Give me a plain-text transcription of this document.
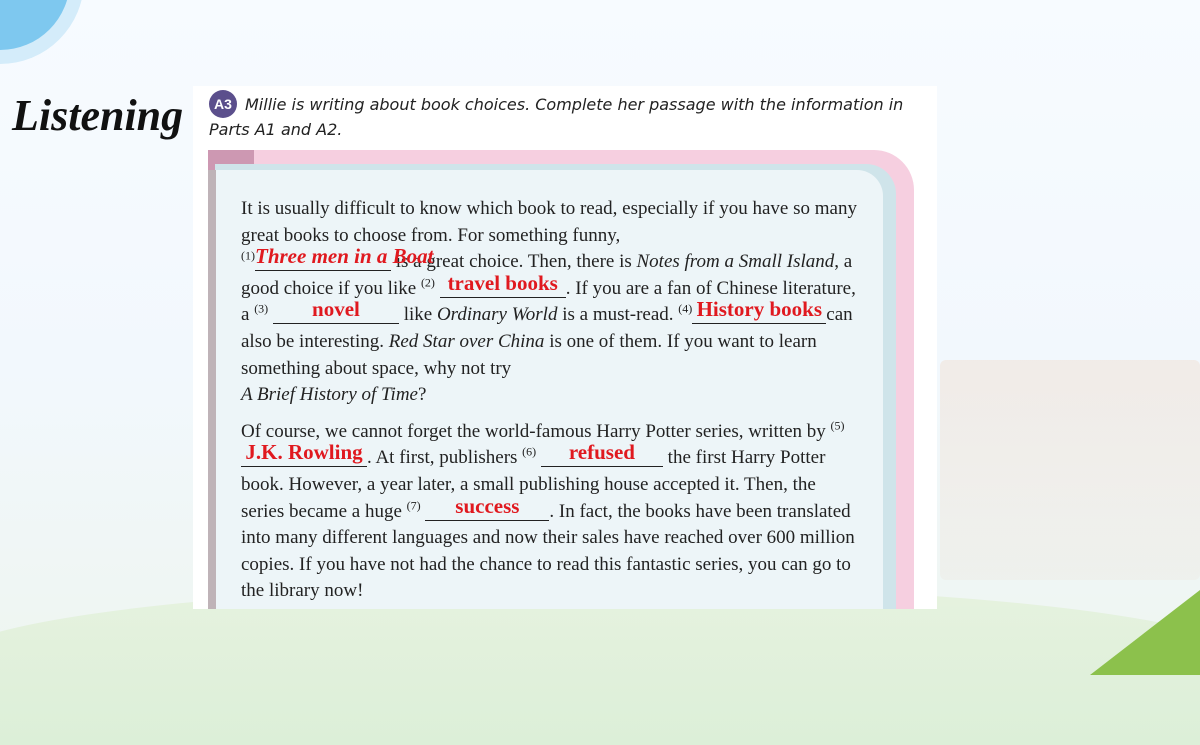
Listening	A3 Millie is writing about book choices. Complete her passage with the information in Parts A1 and A2.

It is usually difficult to know which book to read, especially if you have so many great books to choose from. For something funny,
$^{(1)}$Three men in a Boat is a great choice. Then, there is Notes from a Small Island, a good choice if you like $^{(2)}$ travel books . If you are a fan of Chinese literature, a $^{(3)}$ novel like Ordinary World is a must-read. $^{(4)}$ History books can also be interesting. Red Star over China is one of them. If you want to learn something about space, why not try
A Brief History of Time?

Of course, we cannot forget the world-famous Harry Potter series, written by $^{(5)}$J.K. Rowling . At first, publishers $^{(6)}$ refused the first Harry Potter book. However, a year later, a small publishing house accepted it. Then, the series became a huge $^{(7)}$ success . In fact, the books have been translated into many different languages and now their sales have reached over 600 million copies. If you have not had the chance to read this fantastic series, you can go to the library now!
